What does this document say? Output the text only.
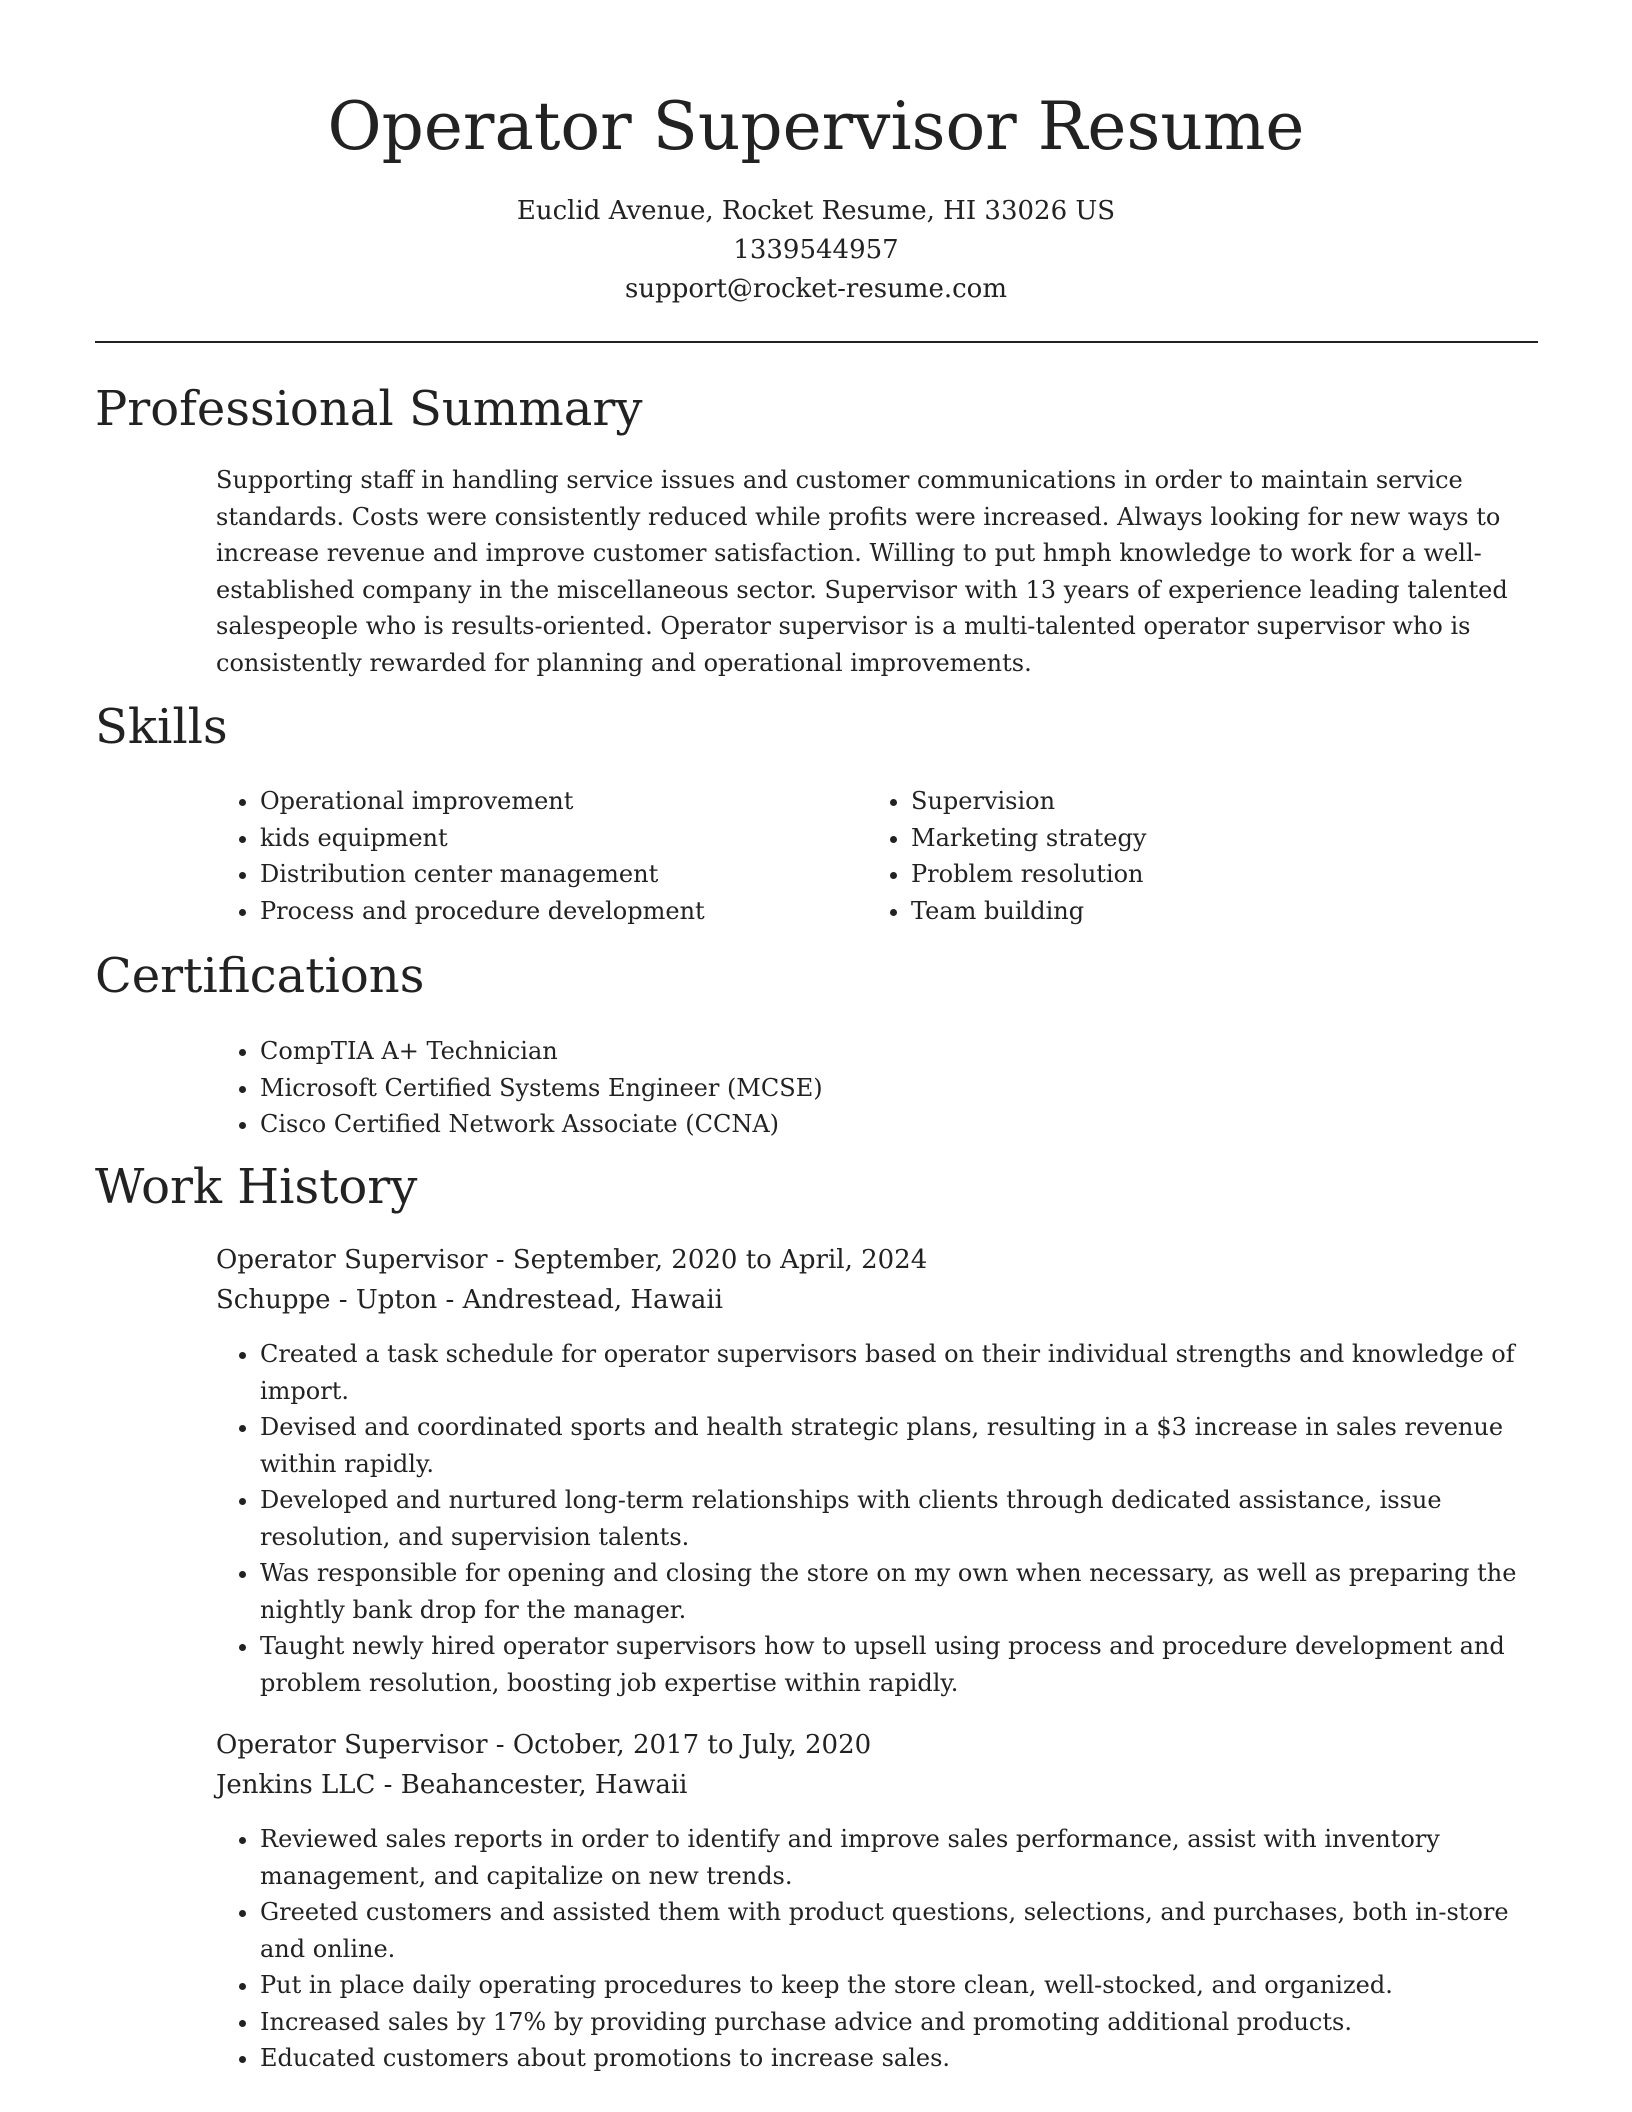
Operator Supervisor Resume

Euclid Avenue, Rocket Resume, HI 33026 US

1339544957

support@rocket-resume.com

Professional Summary

Supporting staff in handling service issues and customer communications in order to maintain service standards. Costs were consistently reduced while profits were increased. Always looking for new ways to increase revenue and improve customer satisfaction. Willing to put hmph knowledge to work for a well-established company in the miscellaneous sector. Supervisor with 13 years of experience leading talented salespeople who is results-oriented. Operator supervisor is a multi-talented operator supervisor who is consistently rewarded for planning and operational improvements.

Skills
• Operational improvement
• kids equipment
• Distribution center management
• Process and procedure development
• Supervision
• Marketing strategy
• Problem resolution
• Team building
Certifications
• CompTIA A+ Technician
• Microsoft Certified Systems Engineer (MCSE)
• Cisco Certified Network Associate (CCNA)
Work History

Operator Supervisor - September, 2020 to April, 2024

Schuppe - Upton - Andrestead, Hawaii

• Created a task schedule for operator supervisors based on their individual strengths and knowledge of import.
• Devised and coordinated sports and health strategic plans, resulting in a $3 increase in sales revenue within rapidly.
• Developed and nurtured long-term relationships with clients through dedicated assistance, issue resolution, and supervision talents.
• Was responsible for opening and closing the store on my own when necessary, as well as preparing the nightly bank drop for the manager.
• Taught newly hired operator supervisors how to upsell using process and procedure development and problem resolution, boosting job expertise within rapidly.

Operator Supervisor - October, 2017 to July, 2020

Jenkins LLC - Beahancester, Hawaii

• Reviewed sales reports in order to identify and improve sales performance, assist with inventory management, and capitalize on new trends.
• Greeted customers and assisted them with product questions, selections, and purchases, both in-store and online.
• Put in place daily operating procedures to keep the store clean, well-stocked, and organized.
• Increased sales by 17% by providing purchase advice and promoting additional products.
• Educated customers about promotions to increase sales.
